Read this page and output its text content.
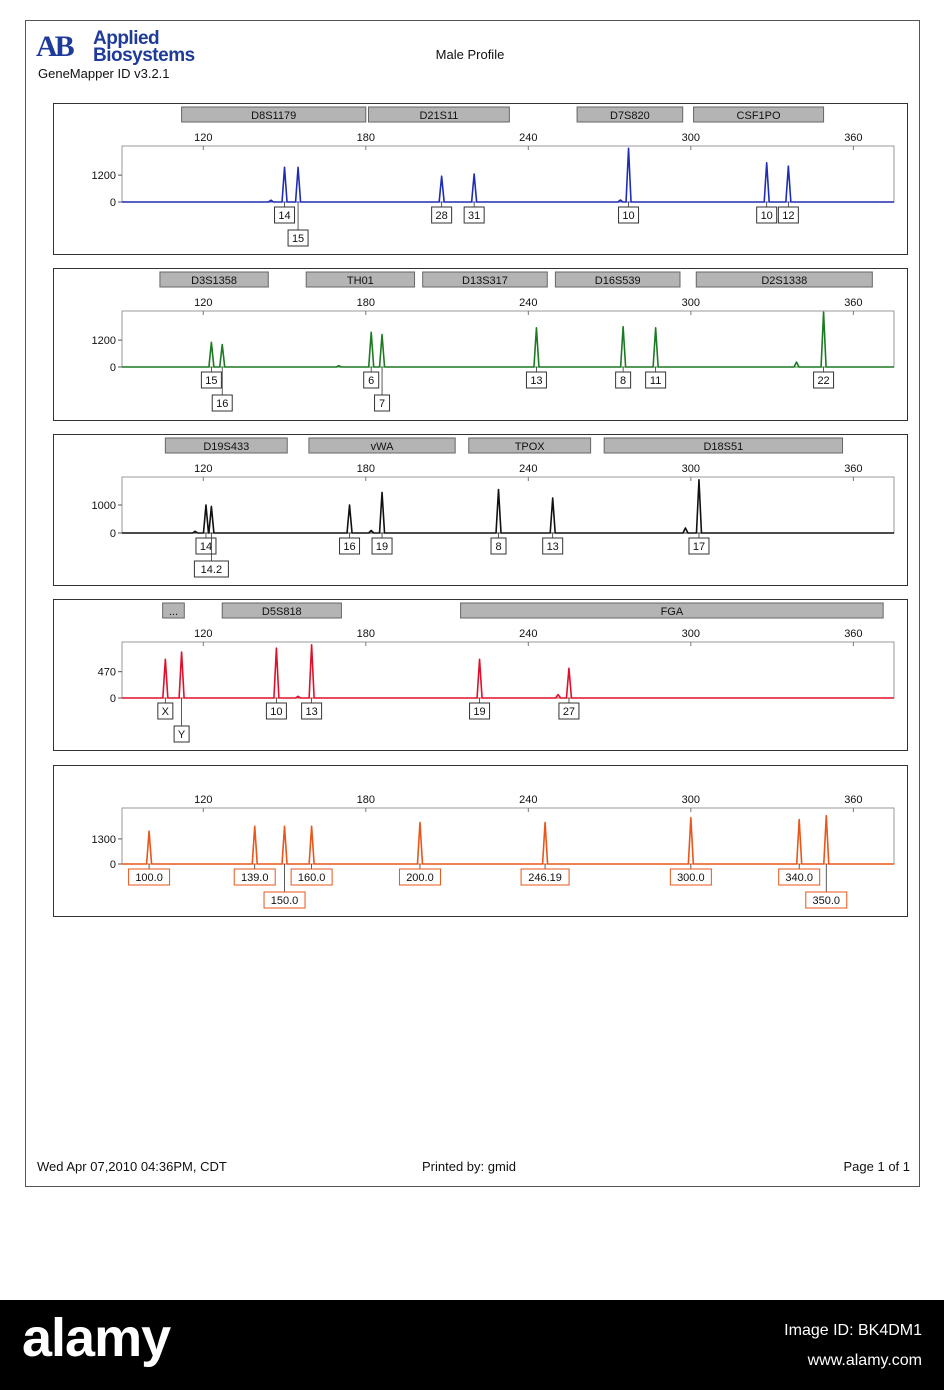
AB Applied
Biosystems
GeneMapper ID v3.2.1
Male Profile
D8S1179	D21S11	D7S820	CSF1PO
120	180	240	300	360
0
1200
14
15
28 31	10	10 12
D3S1358	TH01	D13S317	D16S539	D2S1338
120	180	240	300	360
0
1200
15
16
6
7
13	8 11	22
D19S433	vWA	TPOX	D18S51
120	180	240	300	360
0
1000
14
14.2
16 19	8	13	17
...	D5S818	FGA
120	180	240	300	360
0
470
X
Y
10 13	19	27
120	180	240	300	360
0
1300
100.0	139.0
150.0
160.0	200.0	246.19	300.0	340.0
350.0
Wed Apr 07,2010 04:36PM, CDT	Printed by: gmid	Page 1 of 1
alamy	Image ID: BK4DM1
www.alamy.com
